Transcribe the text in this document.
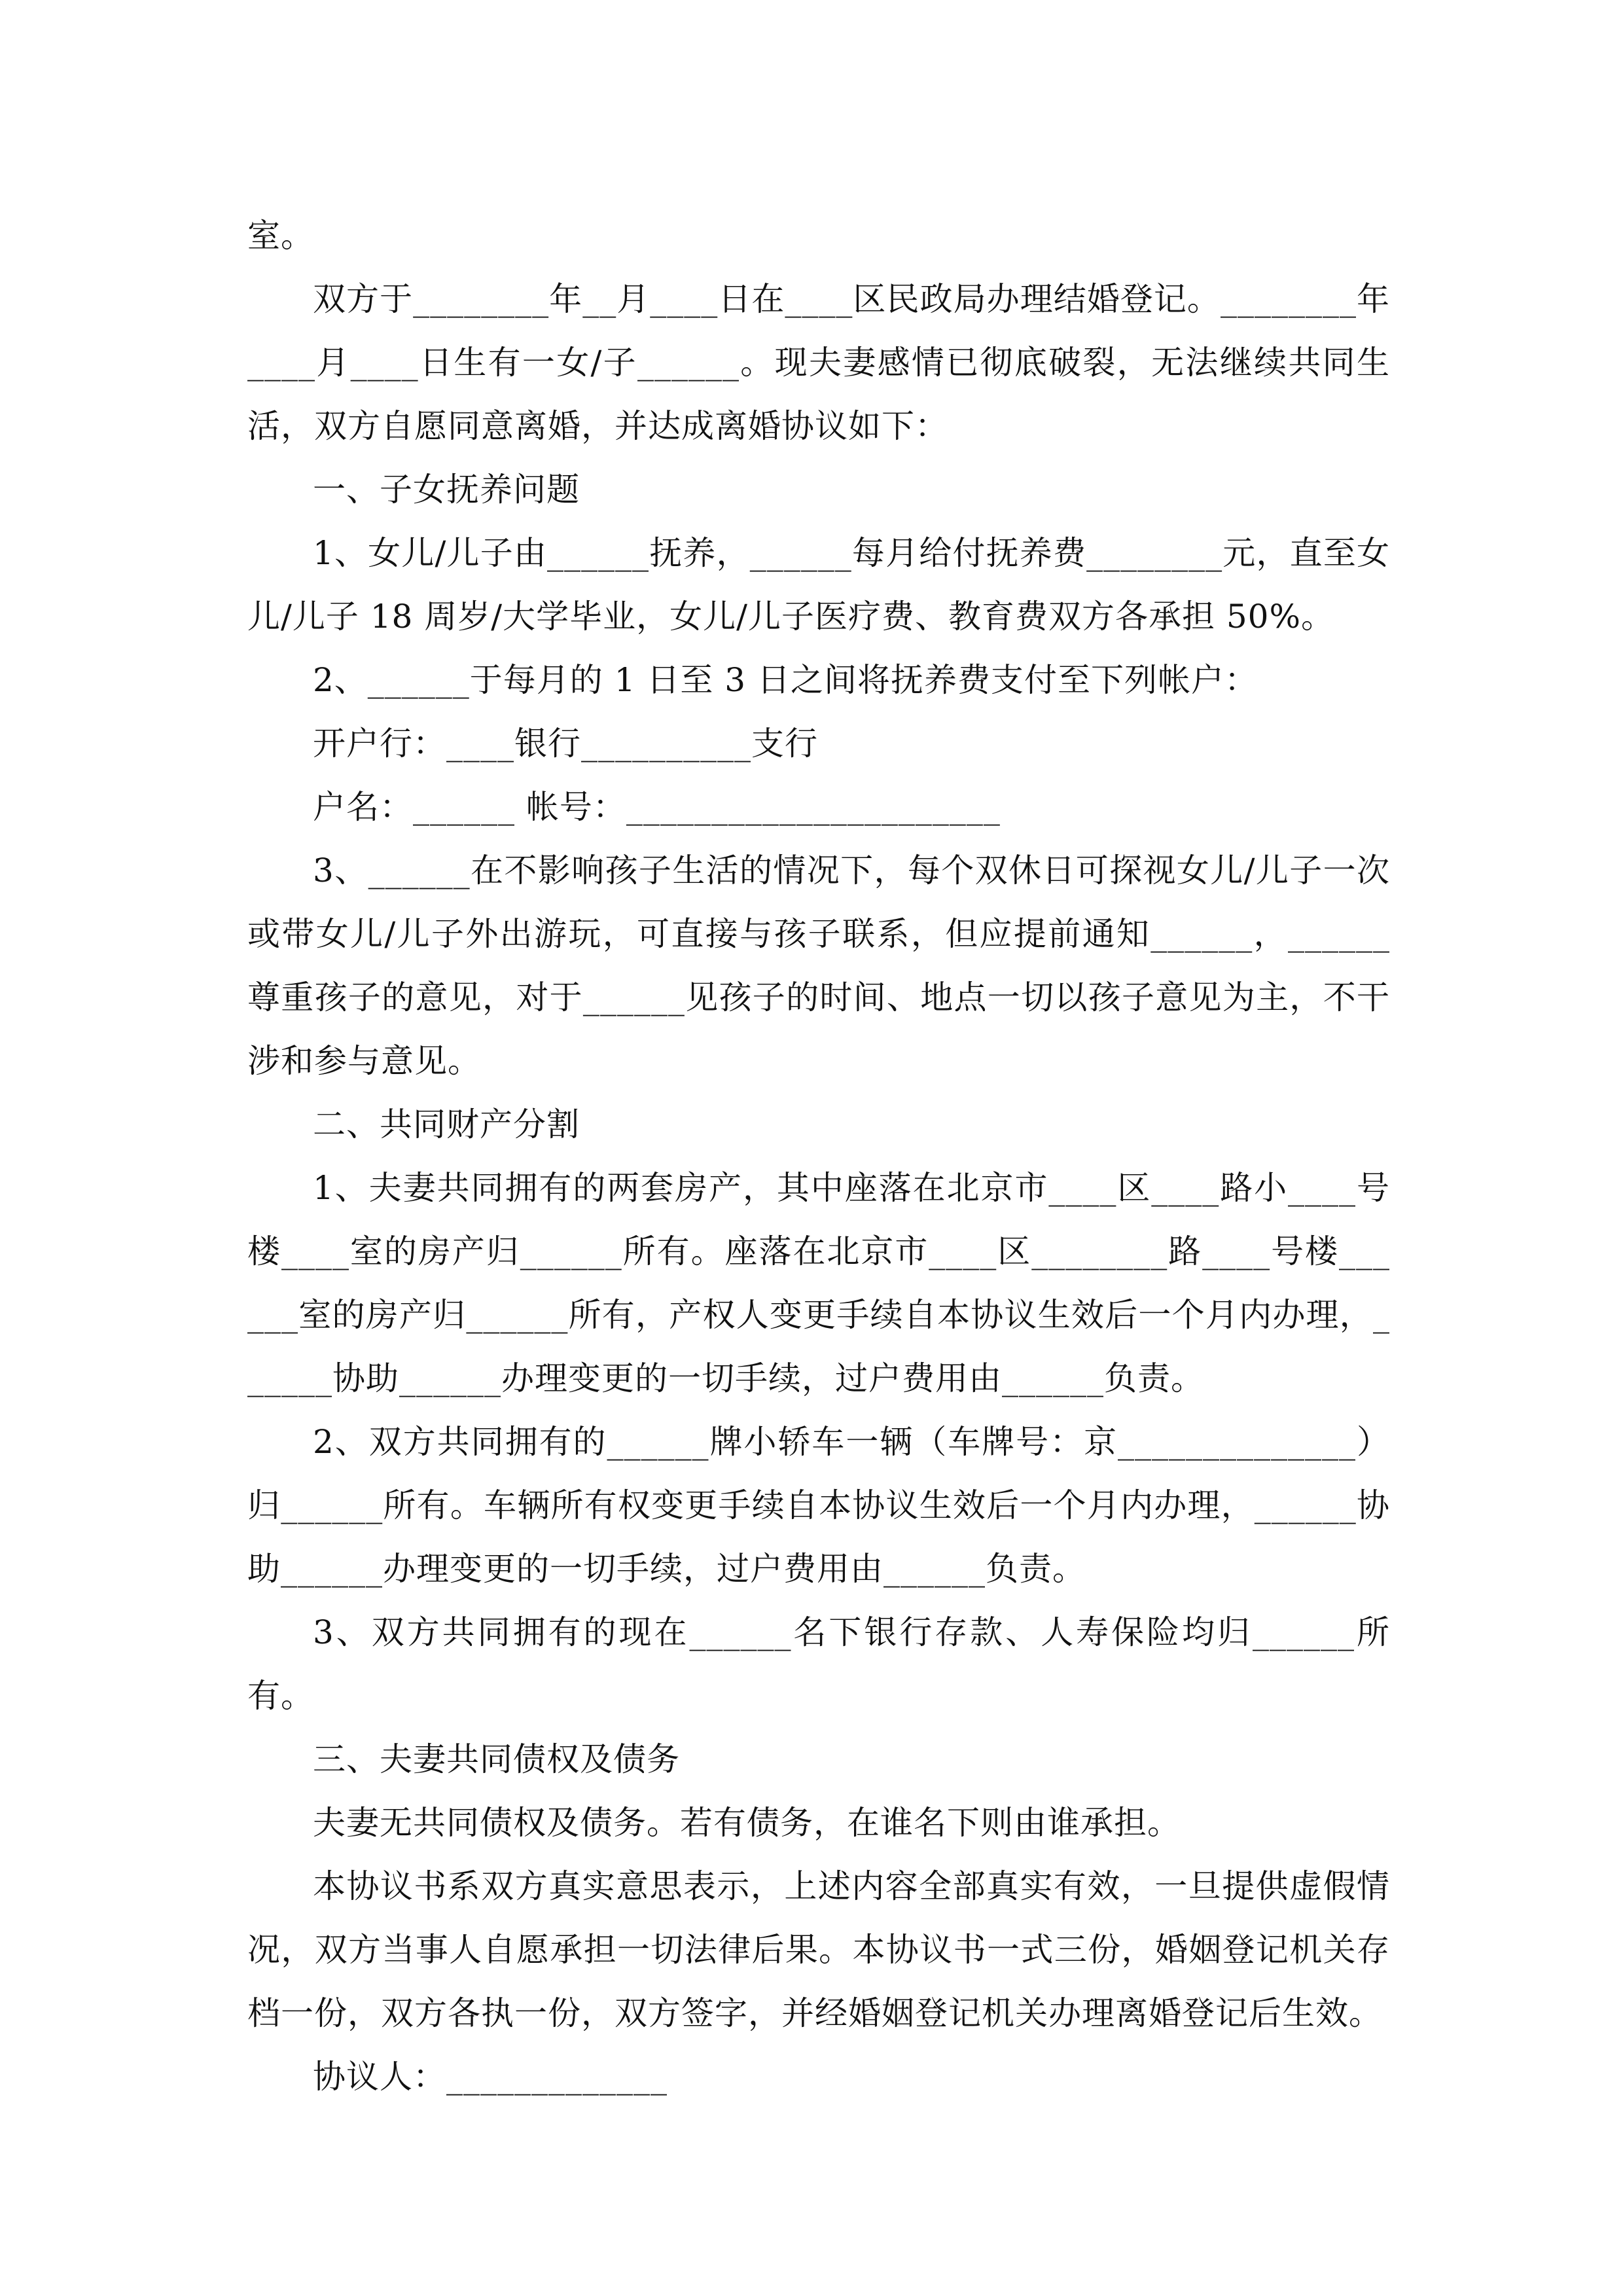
室。

双方于________年__月____日在____区民政局办理结婚登记。________年____月____日生有一女/子______。现夫妻感情已彻底破裂，无法继续共同生活，双方自愿同意离婚，并达成离婚协议如下：

一、子女抚养问题

1、女儿/儿子由______抚养，______每月给付抚养费________元，直至女儿/儿子 18 周岁/大学毕业，女儿/儿子医疗费、教育费双方各承担 50%。

2、______于每月的 1 日至 3 日之间将抚养费支付至下列帐户：

开户行：____银行__________支行

户名：______ 帐号：______________________

3、______在不影响孩子生活的情况下，每个双休日可探视女儿/儿子一次或带女儿/儿子外出游玩，可直接与孩子联系，但应提前通知______，______尊重孩子的意见，对于______见孩子的时间、地点一切以孩子意见为主，不干涉和参与意见。

二、共同财产分割

1、夫妻共同拥有的两套房产，其中座落在北京市____区____路小____号楼____室的房产归______所有。座落在北京市____区________路____号楼______室的房产归______所有，产权人变更手续自本协议生效后一个月内办理，______协助______办理变更的一切手续，过户费用由______负责。

2、双方共同拥有的______牌小轿车一辆（车牌号：京______________）归______所有。车辆所有权变更手续自本协议生效后一个月内办理，______协助______办理变更的一切手续，过户费用由______负责。

3、双方共同拥有的现在______名下银行存款、人寿保险均归______所有。

三、夫妻共同债权及债务

夫妻无共同债权及债务。若有债务，在谁名下则由谁承担。

本协议书系双方真实意思表示，上述内容全部真实有效，一旦提供虚假情况，双方当事人自愿承担一切法律后果。本协议书一式三份，婚姻登记机关存档一份，双方各执一份，双方签字，并经婚姻登记机关办理离婚登记后生效。

协议人：_____________
